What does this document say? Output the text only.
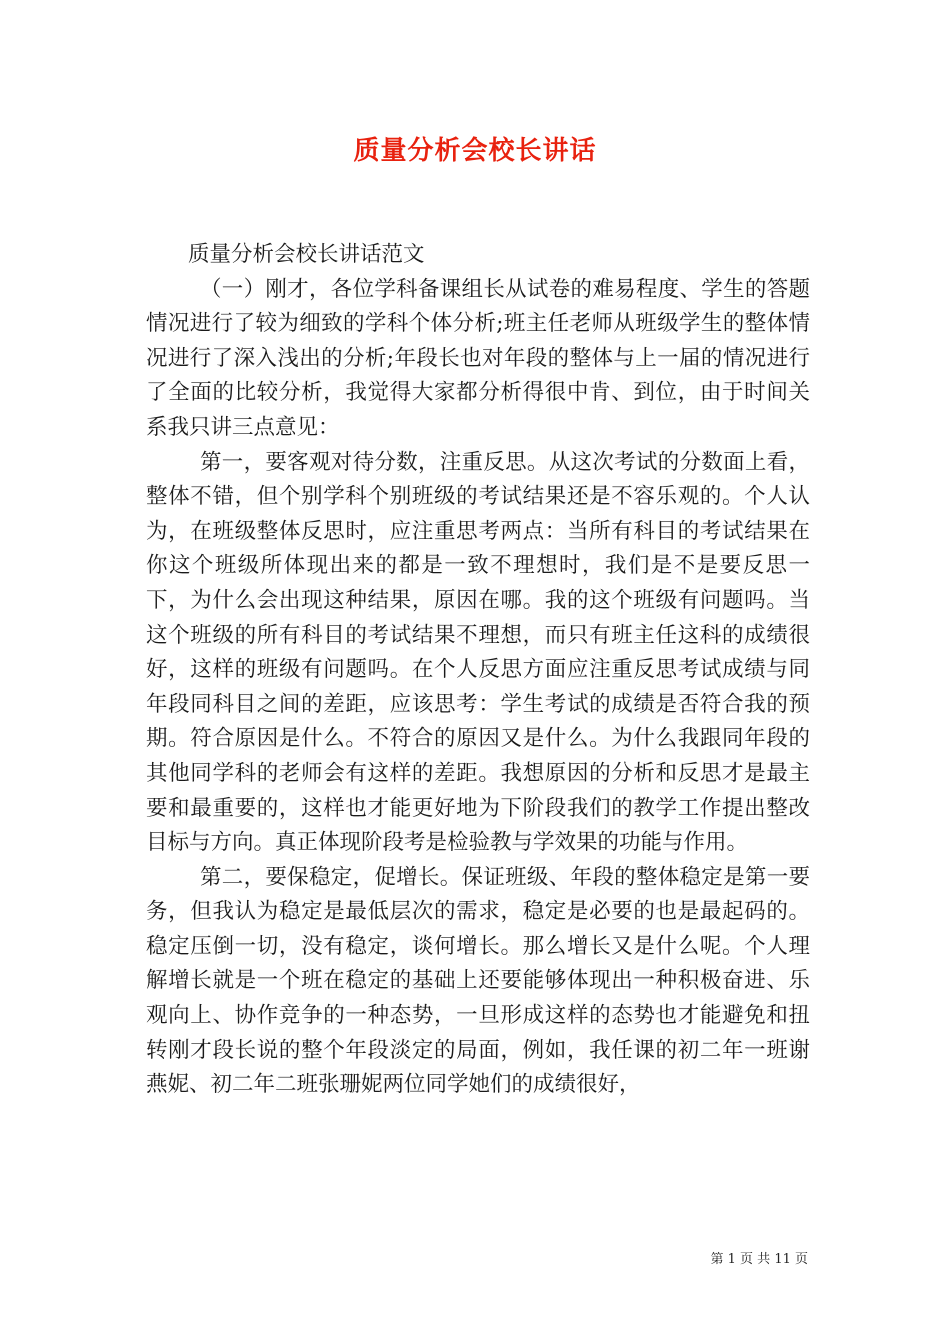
质量分析会校长讲话

质量分析会校长讲话范文

（一）刚才，各位学科备课组长从试卷的难易程度、学生的答题情况进行了较为细致的学科个体分析;班主任老师从班级学生的整体情况进行了深入浅出的分析;年段长也对年段的整体与上一届的情况进行了全面的比较分析，我觉得大家都分析得很中肯、到位，由于时间关系我只讲三点意见：

第一，要客观对待分数，注重反思。从这次考试的分数面上看，整体不错，但个别学科个别班级的考试结果还是不容乐观的。个人认为，在班级整体反思时，应注重思考两点：当所有科目的考试结果在你这个班级所体现出来的都是一致不理想时，我们是不是要反思一下，为什么会出现这种结果，原因在哪。我的这个班级有问题吗。当这个班级的所有科目的考试结果不理想，而只有班主任这科的成绩很好，这样的班级有问题吗。在个人反思方面应注重反思考试成绩与同年段同科目之间的差距，应该思考：学生考试的成绩是否符合我的预期。符合原因是什么。不符合的原因又是什么。为什么我跟同年段的其他同学科的老师会有这样的差距。我想原因的分析和反思才是最主要和最重要的，这样也才能更好地为下阶段我们的教学工作提出整改目标与方向。真正体现阶段考是检验教与学效果的功能与作用。

第二，要保稳定，促增长。保证班级、年段的整体稳定是第一要务，但我认为稳定是最低层次的需求，稳定是必要的也是最起码的。稳定压倒一切，没有稳定，谈何增长。那么增长又是什么呢。个人理解增长就是一个班在稳定的基础上还要能够体现出一种积极奋进、乐观向上、协作竞争的一种态势，一旦形成这样的态势也才能避免和扭转刚才段长说的整个年段淡定的局面，例如，我任课的初二年一班谢燕妮、初二年二班张珊妮两位同学她们的成绩很好，

第 1 页 共 11 页
